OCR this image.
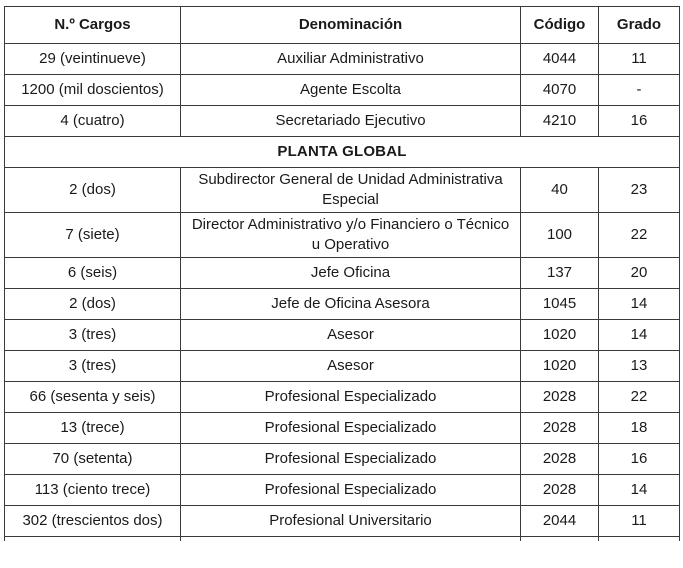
N.º Cargos	Denominación	Código	Grado
29 (veintinueve)	Auxiliar Administrativo	4044	11
1200 (mil doscientos)	Agente Escolta	4070	-
4 (cuatro)	Secretariado Ejecutivo	4210	16
PLANTA GLOBAL			
2 (dos)	Subdirector General de Unidad Administrativa Especial	40	23
7 (siete)	Director Administrativo y/o Financiero o Técnico u Operativo	100	22
6 (seis)	Jefe Oficina	137	20
2 (dos)	Jefe de Oficina Asesora	1045	14
3 (tres)	Asesor	1020	14
3 (tres)	Asesor	1020	13
66 (sesenta y seis)	Profesional Especializado	2028	22
13 (trece)	Profesional Especializado	2028	18
70 (setenta)	Profesional Especializado	2028	16
113 (ciento trece)	Profesional Especializado	2028	14
302 (trescientos dos)	Profesional Universitario	2044	11
